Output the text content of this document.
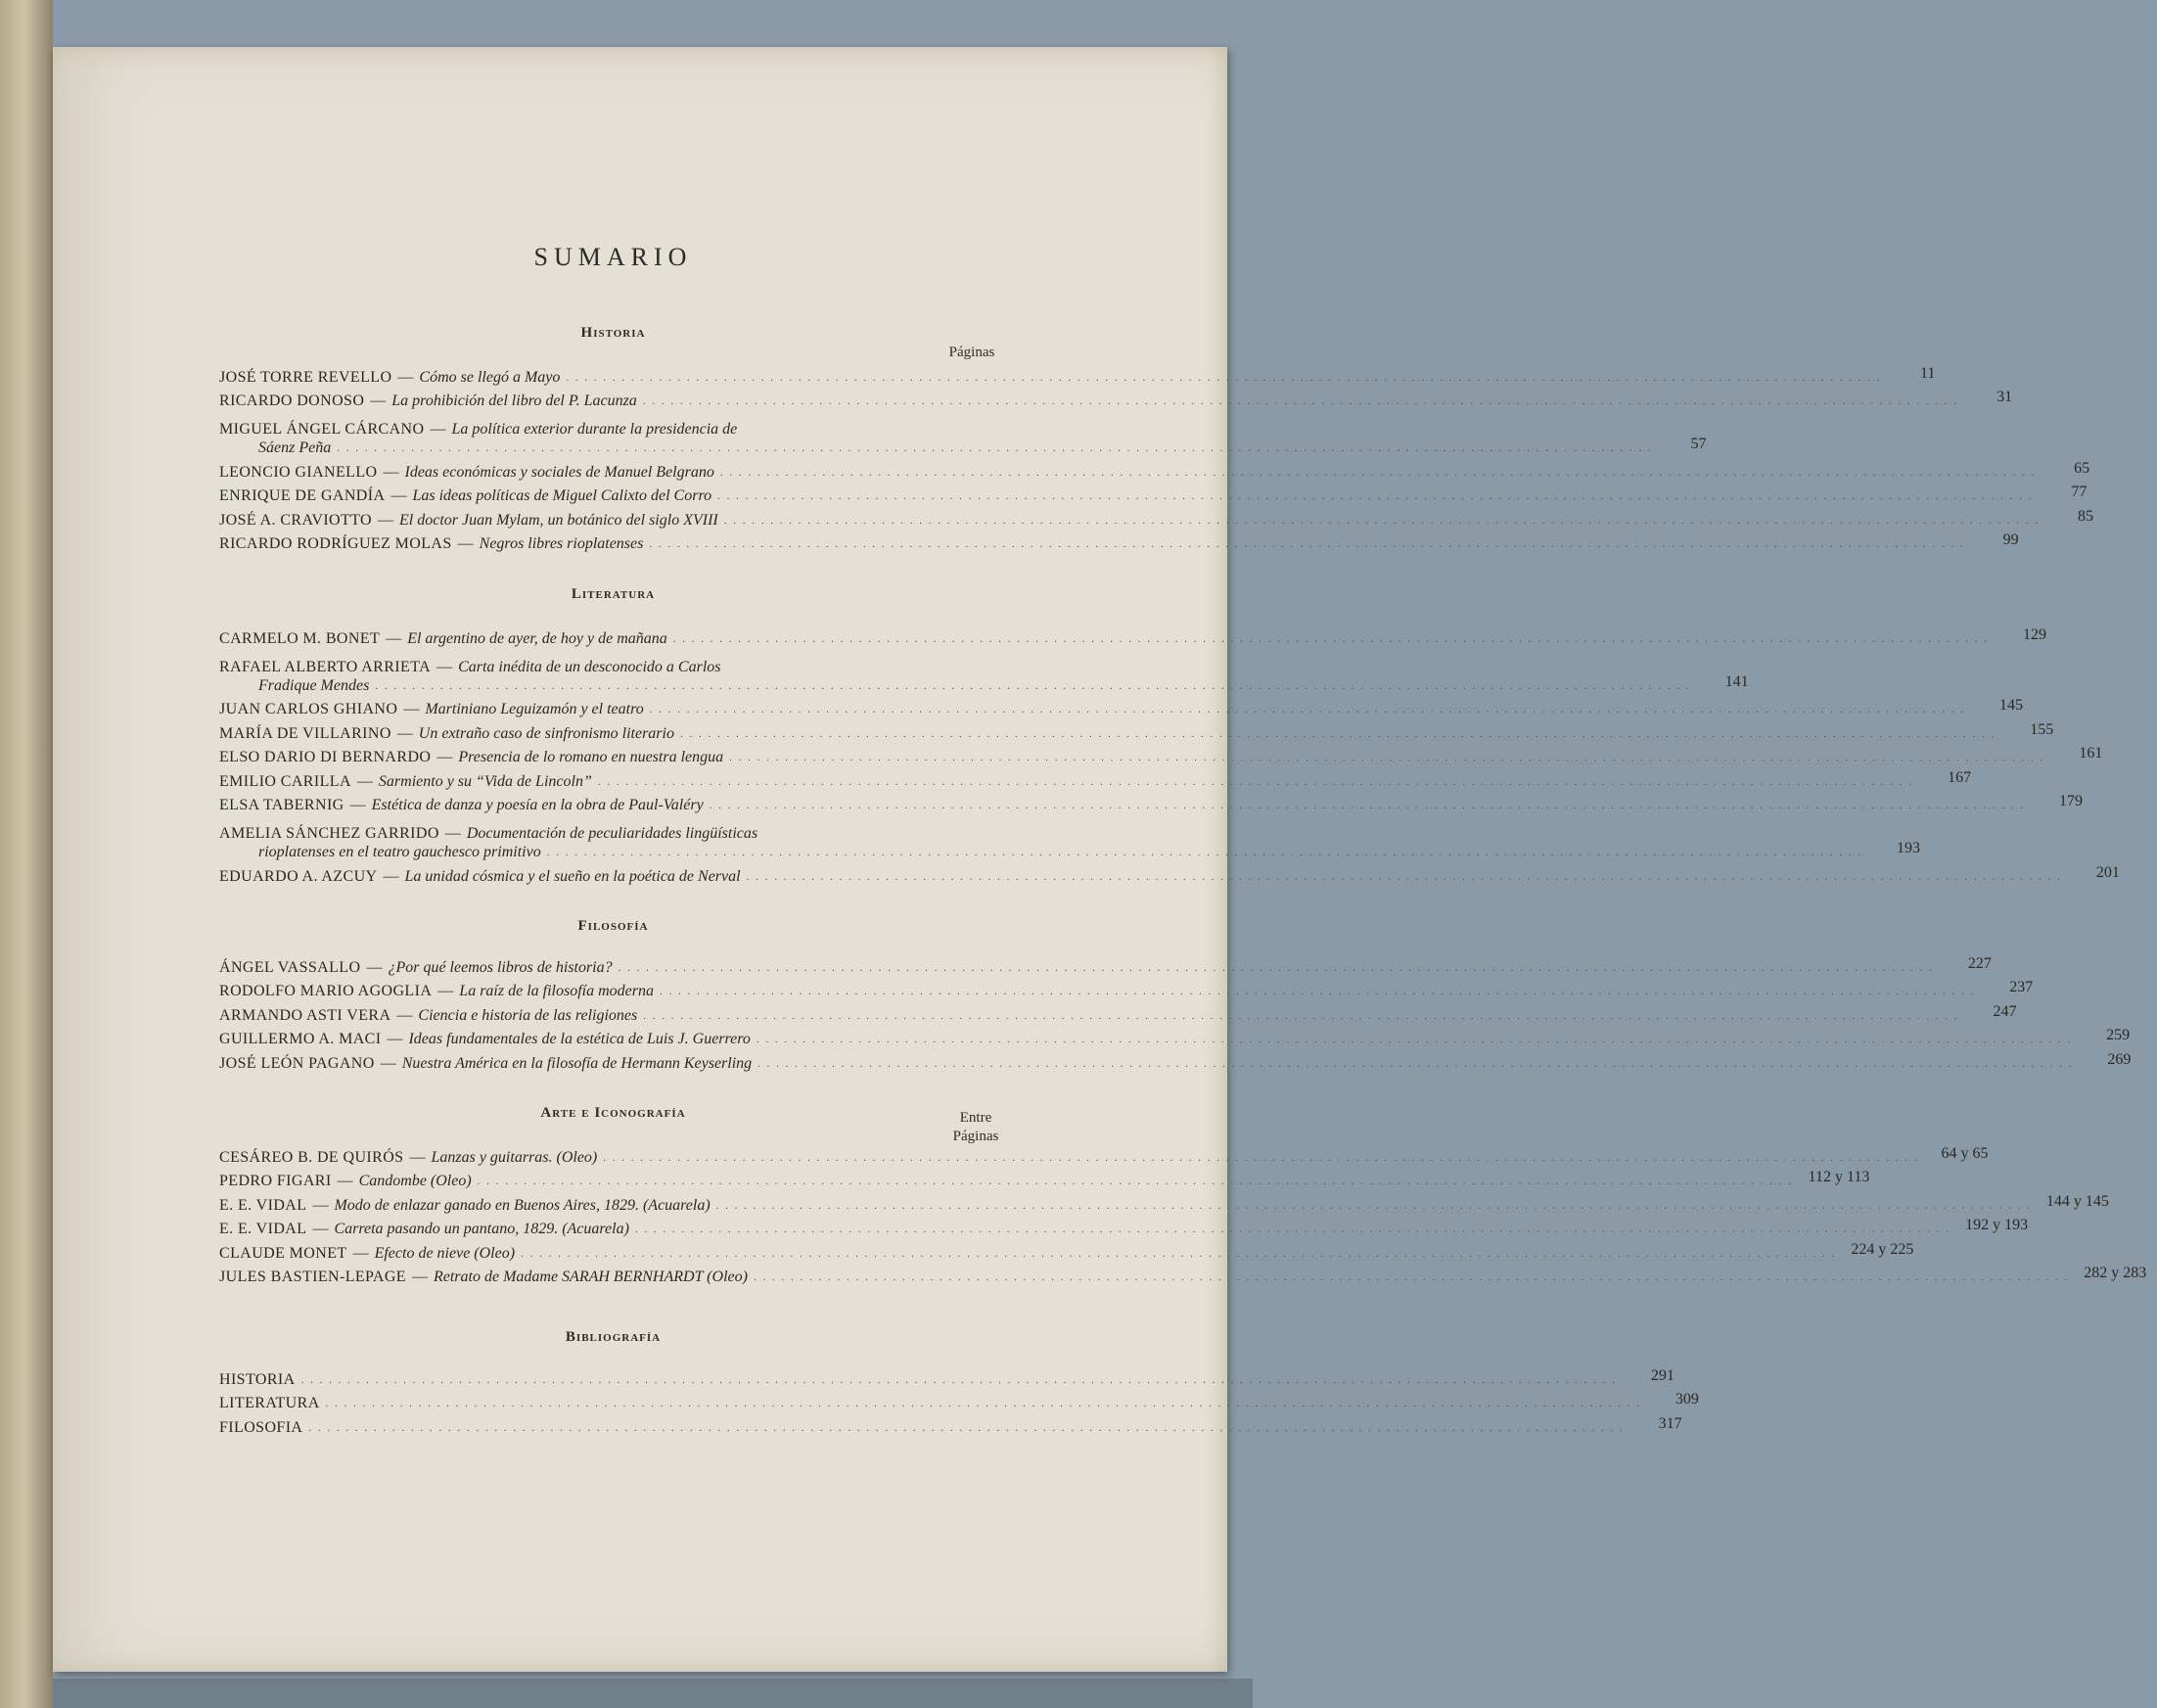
SUMARIO
Historia
Páginas
JOSÉ TORRE REVELLO — Cómo se llegó a Mayo . . .	11
RICARDO DONOSO — La prohibición del libro del P. Lacunza . . .	31
MIGUEL ÁNGEL CÁRCANO — La política exterior durante la presidencia de
Sáenz Peña . . .	57
LEONCIO GIANELLO — Ideas económicas y sociales de Manuel Belgrano . . .	65
ENRIQUE DE GANDÍA — Las ideas políticas de Miguel Calixto del Corro . . .	77
JOSÉ A. CRAVIOTTO — El doctor Juan Mylam, un botánico del siglo XVIII . . .	85
RICARDO RODRÍGUEZ MOLAS — Negros libres rioplatenses . . .	99
Literatura
CARMELO M. BONET — El argentino de ayer, de hoy y de mañana . . .	129
RAFAEL ALBERTO ARRIETA — Carta inédita de un desconocido a Carlos
Fradique Mendes . . .	141
JUAN CARLOS GHIANO — Martiniano Leguizamón y el teatro . . .	145
MARÍA DE VILLARINO — Un extraño caso de sinfronismo literario . . .	155
ELSO DARIO DI BERNARDO — Presencia de lo romano en nuestra lengua . . .	161
EMILIO CARILLA — Sarmiento y su “Vida de Lincoln” . . .	167
ELSA TABERNIG — Estética de danza y poesía en la obra de Paul-Valéry . . .	179
AMELIA SÁNCHEZ GARRIDO — Documentación de peculiaridades lingüísticas
rioplatenses en el teatro gauchesco primitivo . . .	193
EDUARDO A. AZCUY — La unidad cósmica y el sueño en la poética de Nerval . . .	201
Filosofía
ÁNGEL VASSALLO — ¿Por qué leemos libros de historia? . . .	227
RODOLFO MARIO AGOGLIA — La raíz de la filosofía moderna . . .	237
ARMANDO ASTI VERA — Ciencia e historia de las religiones . . .	247
GUILLERMO A. MACI — Ideas fundamentales de la estética de Luis J. Guerrero . . .	259
JOSÉ LEÓN PAGANO — Nuestra América en la filosofía de Hermann Keyserling . . .	269
Arte e Iconografía	Entre
Páginas
CESÁREO B. DE QUIRÓS — Lanzas y guitarras. (Oleo) . . .	64 y 65
PEDRO FIGARI — Candombe (Oleo) . . .	112 y 113
E. E. VIDAL — Modo de enlazar ganado en Buenos Aires, 1829. (Acuarela) . . .	144 y 145
E. E. VIDAL — Carreta pasando un pantano, 1829. (Acuarela) . . .	192 y 193
CLAUDE MONET — Efecto de nieve (Oleo) . . .	224 y 225
JULES BASTIEN-LEPAGE — Retrato de Madame SARAH BERNHARDT (Oleo) . . .	282 y 283
Bibliografía
HISTORIA . . .	291
LITERATURA . . .	309
FILOSOFIA . . .	317
